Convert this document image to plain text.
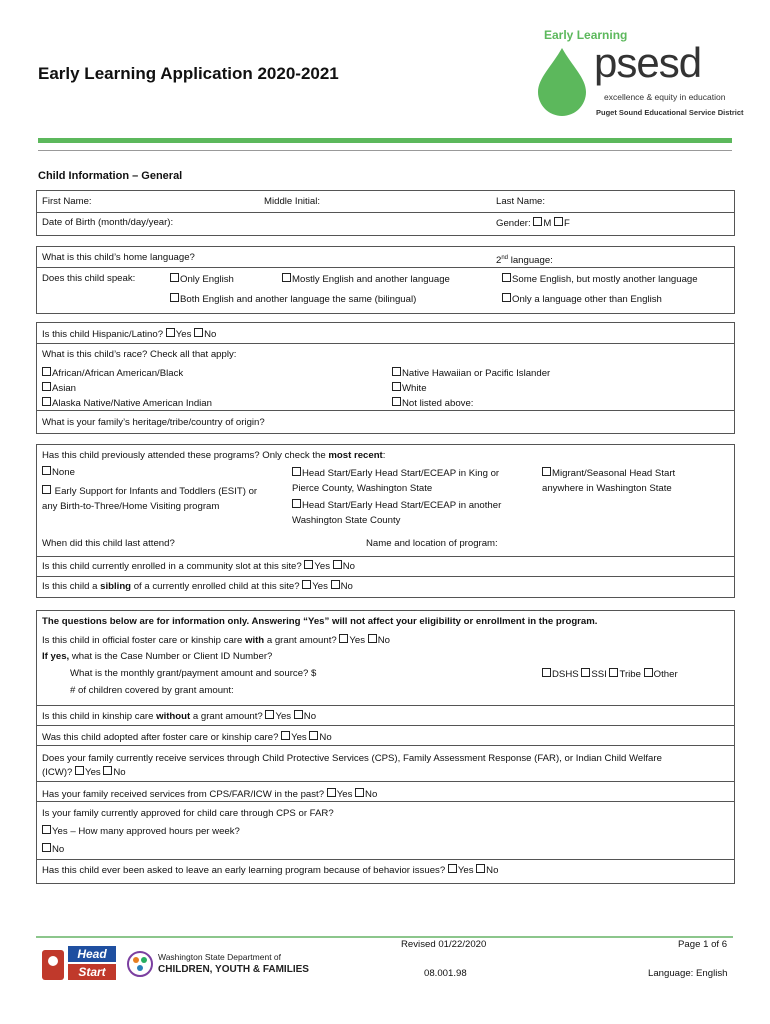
Early Learning Application 2020-2021
Early Learning
psesd
excellence & equity in education
Puget Sound Educational Service District
Child Information – General
First Name:	Middle Initial:	Last Name:
Date of Birth (month/day/year):	Gender: M F
What is this child’s home language?	2nd language:
Does this child speak:	Only English	Mostly English and another language	Some English, but mostly another language
Both English and another language the same (bilingual)	Only a language other than English
Is this child Hispanic/Latino? Yes No
What is this child’s race? Check all that apply:
African/African American/Black
Asian
Alaska Native/Native American Indian
Native Hawaiian or Pacific Islander
White
Not listed above:
What is your family’s heritage/tribe/country of origin?
Has this child previously attended these programs? Only check the most recent:
None
Early Support for Infants and Toddlers (ESIT) or
any Birth-to-Three/Home Visiting program
Head Start/Early Head Start/ECEAP in King or
Pierce County, Washington State
Head Start/Early Head Start/ECEAP in another
Washington State County
Migrant/Seasonal Head Start
anywhere in Washington State
When did this child last attend?	Name and location of program:
Is this child currently enrolled in a community slot at this site? Yes No
Is this child a sibling of a currently enrolled child at this site? Yes No
The questions below are for information only. Answering “Yes” will not affect your eligibility or enrollment in the program.
Is this child in official foster care or kinship care with a grant amount? Yes No
If yes, what is the Case Number or Client ID Number?
What is the monthly grant/payment amount and source? $	DSHS SSI Tribe Other
# of children covered by grant amount:
Is this child in kinship care without a grant amount? Yes No
Was this child adopted after foster care or kinship care? Yes No
Does your family currently receive services through Child Protective Services (CPS), Family Assessment Response (FAR), or Indian Child Welfare
(ICW)? Yes No
Has your family received services from CPS/FAR/ICW in the past? Yes No
Is your family currently approved for child care through CPS or FAR?
Yes – How many approved hours per week?
No
Has this child ever been asked to leave an early learning program because of behavior issues? Yes No
Head
Start
Washington State Department of
CHILDREN, YOUTH & FAMILIES
Revised 01/22/2020
08.001.98
Page 1 of 6
Language: English
